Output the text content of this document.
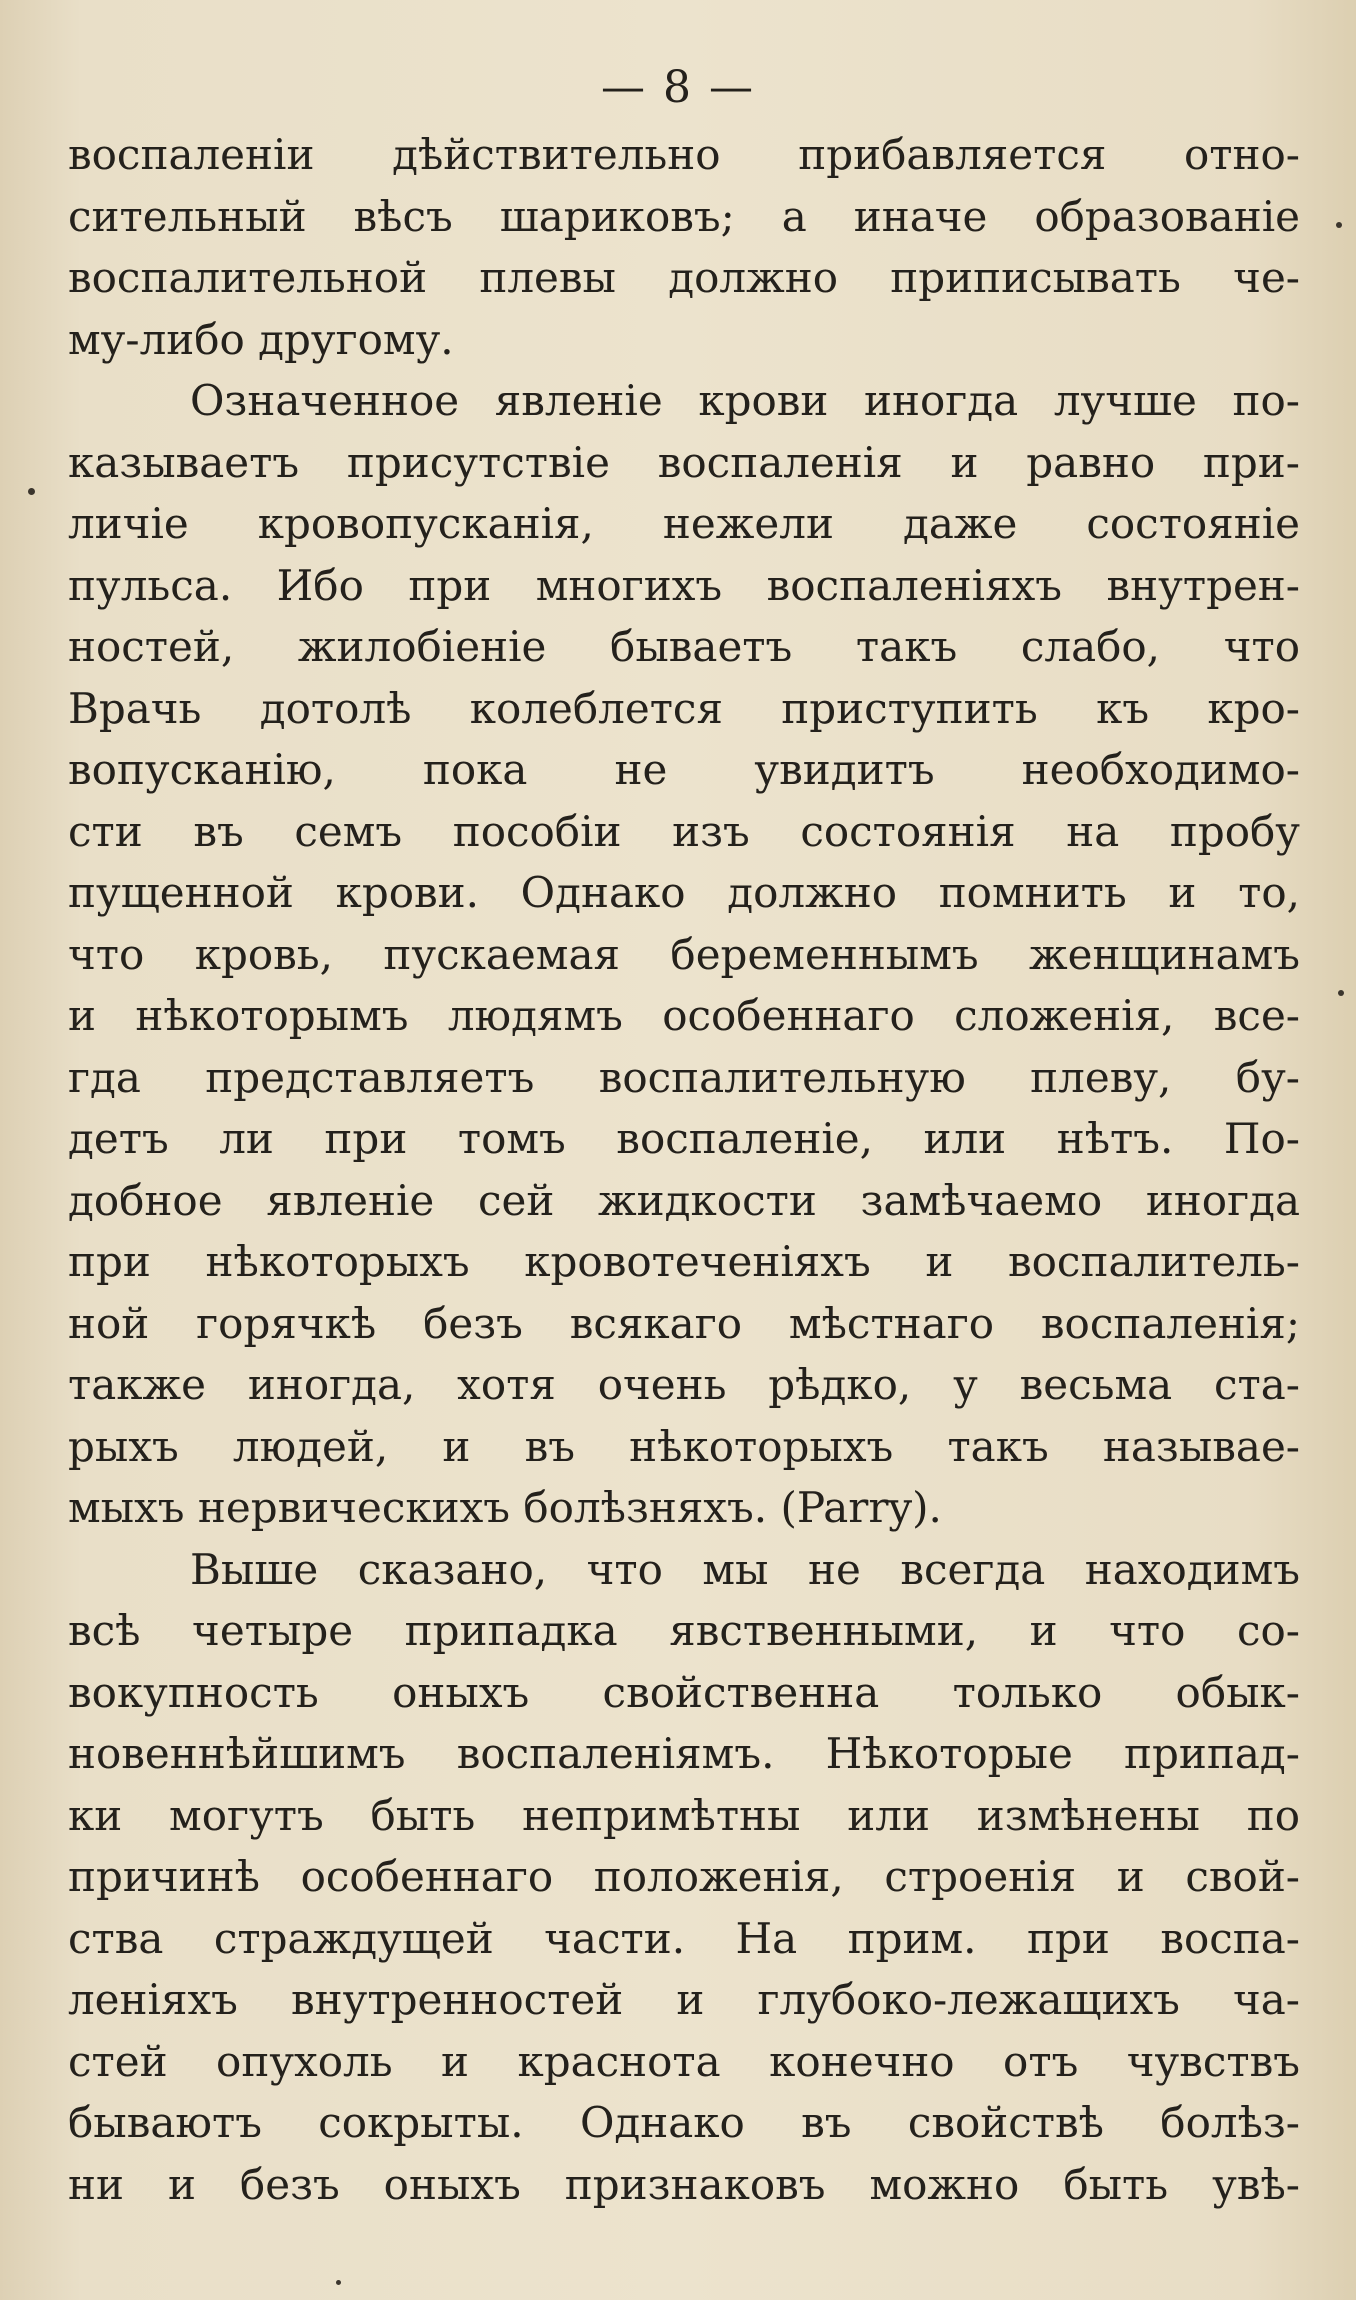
— 8 —
воспаленіи дѣйствительно прибавляется отно-
сительный вѣсъ шариковъ; а иначе образованіе
воспалительной плевы должно приписывать че-
му-либо другому.
Означенное явленіе крови иногда лучше по-
казываетъ присутствіе воспаленія и равно при-
личіе кровопусканія, нежели даже состояніе
пульса. Ибо при многихъ воспаленіяхъ внутрен-
ностей, жилобіеніе бываетъ такъ слабо, что
Врачь дотолѣ колеблется приступить къ кро-
вопусканію, пока не увидитъ необходимо-
сти въ семъ пособіи изъ состоянія на пробу
пущенной крови. Однако должно помнить и то,
что кровь, пускаемая беременнымъ женщинамъ
и нѣкоторымъ людямъ особеннаго сложенія, все-
гда представляетъ воспалительную плеву, бу-
детъ ли при томъ воспаленіе, или нѣтъ. По-
добное явленіе сей жидкости замѣчаемо иногда
при нѣкоторыхъ кровотеченіяхъ и воспалитель-
ной горячкѣ безъ всякаго мѣстнаго воспаленія;
также иногда, хотя очень рѣдко, у весьма ста-
рыхъ людей, и въ нѣкоторыхъ такъ называе-
мыхъ нервическихъ болѣзняхъ. (Parry).
Выше сказано, что мы не всегда находимъ
всѣ четыре припадка явственными, и что со-
вокупность оныхъ свойственна только обык-
новеннѣйшимъ воспаленіямъ. Нѣкоторые припад-
ки могутъ быть непримѣтны или измѣнены по
причинѣ особеннаго положенія, строенія и свой-
ства страждущей части. На прим. при воспа-
леніяхъ внутренностей и глубоко-лежащихъ ча-
стей опухоль и краснота конечно отъ чувствъ
бываютъ сокрыты. Однако въ свойствѣ болѣз-
ни и безъ оныхъ признаковъ можно быть увѣ-
